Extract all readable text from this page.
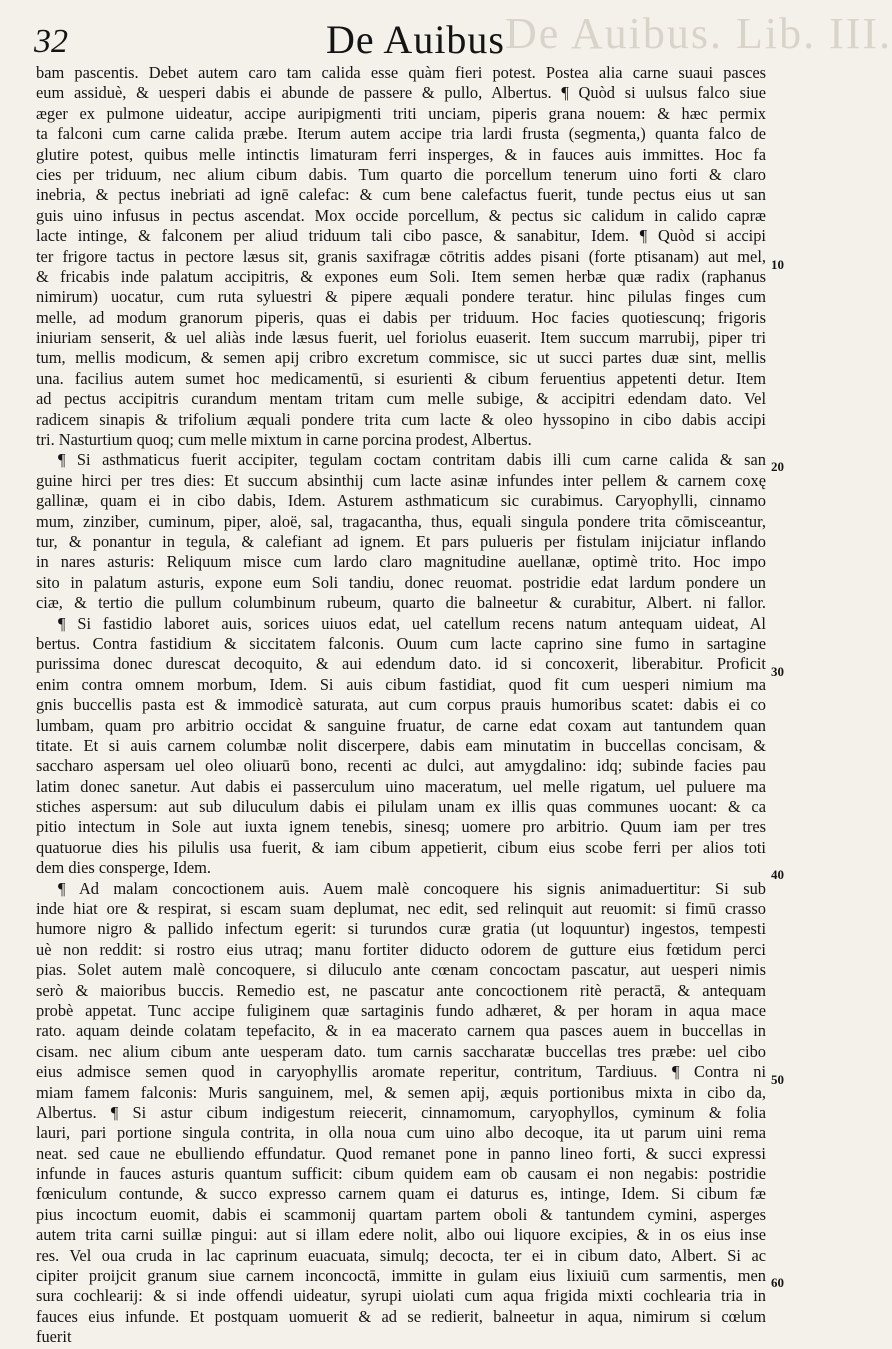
De Auibus. Lib. III.
32	De Auibus
bam pascentis. Debet autem caro tam calida esse quàm fieri potest. Postea alia carne suaui pasces
eum assiduè, & uesperi dabis ei abunde de passere & pullo, Albertus. ¶ Quòd si uulsus falco siue
æger ex pulmone uideatur, accipe auripigmenti triti unciam, piperis grana nouem: & hæc permix
ta falconi cum carne calida præbe. Iterum autem accipe tria lardi frusta (segmenta,) quanta falco de
glutire potest, quibus melle intinctis limaturam ferri insperges, & in fauces auis immittes. Hoc fa
cies per triduum, nec alium cibum dabis. Tum quarto die porcellum tenerum uino forti & claro
inebria, & pectus inebriati ad ignē calefac: & cum bene calefactus fuerit, tunde pectus eius ut san
guis uino infusus in pectus ascendat. Mox occide porcellum, & pectus sic calidum in calido capræ
lacte intinge, & falconem per aliud triduum tali cibo pasce, & sanabitur, Idem. ¶ Quòd si accipi
ter frigore tactus in pectore læsus sit, granis saxifragæ cōtritis addes pisani (forte ptisanam) aut mel,
& fricabis inde palatum accipitris, & expones eum Soli. Item semen herbæ quæ radix (raphanus
nimirum) uocatur, cum ruta syluestri & pipere æquali pondere teratur. hinc pilulas finges cum
melle, ad modum granorum piperis, quas ei dabis per triduum. Hoc facies quotiescunq; frigoris
iniuriam senserit, & uel aliàs inde læsus fuerit, uel foriolus euaserit. Item succum marrubij, piper tri
tum, mellis modicum, & semen apij cribro excretum commisce, sic ut succi partes duæ sint, mellis
una. facilius autem sumet hoc medicamentū, si esurienti & cibum feruentius appetenti detur. Item
ad pectus accipitris curandum mentam tritam cum melle subige, & accipitri edendam dato. Vel
radicem sinapis & trifolium æquali pondere trita cum lacte & oleo hyssopino in cibo dabis accipi
tri. Nasturtium quoq; cum melle mixtum in carne porcina prodest, Albertus.
¶ Si asthmaticus fuerit accipiter, tegulam coctam contritam dabis illi cum carne calida & san
guine hirci per tres dies: Et succum absinthij cum lacte asinæ infundes inter pellem & carnem coxę
gallinæ, quam ei in cibo dabis, Idem. Asturem asthmaticum sic curabimus. Caryophylli, cinnamo
mum, zinziber, cuminum, piper, aloë, sal, tragacantha, thus, equali singula pondere trita cōmisceantur,
tur, & ponantur in tegula, & calefiant ad ignem. Et pars pulueris per fistulam inijciatur inflando
in nares asturis: Reliquum misce cum lardo claro magnitudine auellanæ, optimè trito. Hoc impo
sito in palatum asturis, expone eum Soli tandiu, donec reuomat. postridie edat lardum pondere un
ciæ, & tertio die pullum columbinum rubeum, quarto die balneetur & curabitur, Albert. ni fallor.
¶ Si fastidio laboret auis, sorices uiuos edat, uel catellum recens natum antequam uideat, Al
bertus. Contra fastidium & siccitatem falconis. Ouum cum lacte caprino sine fumo in sartagine
purissima donec durescat decoquito, & aui edendum dato. id si concoxerit, liberabitur. Proficit
enim contra omnem morbum, Idem. Si auis cibum fastidiat, quod fit cum uesperi nimium ma
gnis buccellis pasta est & immodicè saturata, aut cum corpus prauis humoribus scatet: dabis ei co
lumbam, quam pro arbitrio occidat & sanguine fruatur, de carne edat coxam aut tantundem quan
titate. Et si auis carnem columbæ nolit discerpere, dabis eam minutatim in buccellas concisam, &
saccharo aspersam uel oleo oliuarū bono, recenti ac dulci, aut amygdalino: idq; subinde facies pau
latim donec sanetur. Aut dabis ei passerculum uino maceratum, uel melle rigatum, uel puluere ma
stiches aspersum: aut sub diluculum dabis ei pilulam unam ex illis quas communes uocant: & ca
pitio intectum in Sole aut iuxta ignem tenebis, sinesq; uomere pro arbitrio. Quum iam per tres
quatuorue dies his pilulis usa fuerit, & iam cibum appetierit, cibum eius scobe ferri per alios toti
dem dies consperge, Idem.
¶ Ad malam concoctionem auis. Auem malè concoquere his signis animaduertitur: Si sub
inde hiat ore & respirat, si escam suam deplumat, nec edit, sed relinquit aut reuomit: si fimū crasso
humore nigro & pallido infectum egerit: si turundos curæ gratia (ut loquuntur) ingestos, tempesti
uè non reddit: si rostro eius utraq; manu fortiter diducto odorem de gutture eius fœtidum perci
pias. Solet autem malè concoquere, si diluculo ante cœnam concoctam pascatur, aut uesperi nimis
serò & maioribus buccis. Remedio est, ne pascatur ante concoctionem ritè peractā, & antequam
probè appetat. Tunc accipe fuliginem quæ sartaginis fundo adhæret, & per horam in aqua mace
rato. aquam deinde colatam tepefacito, & in ea macerato carnem qua pasces auem in buccellas in
cisam. nec alium cibum ante uesperam dato. tum carnis saccharatæ buccellas tres præbe: uel cibo
eius admisce semen quod in caryophyllis aromate reperitur, contritum, Tardiuus. ¶ Contra ni
miam famem falconis: Muris sanguinem, mel, & semen apij, æquis portionibus mixta in cibo da,
Albertus. ¶ Si astur cibum indigestum reiecerit, cinnamomum, caryophyllos, cyminum & folia
lauri, pari portione singula contrita, in olla noua cum uino albo decoque, ita ut parum uini rema
neat. sed caue ne ebulliendo effundatur. Quod remanet pone in panno lineo forti, & succi expressi
infunde in fauces asturis quantum sufficit: cibum quidem eam ob causam ei non negabis: postridie
fœniculum contunde, & succo expresso carnem quam ei daturus es, intinge, Idem. Si cibum fæ
pius incoctum euomit, dabis ei scammonij quartam partem oboli & tantundem cymini, asperges
autem trita carni suillæ pingui: aut si illam edere nolit, albo oui liquore excipies, & in os eius inse
res. Vel oua cruda in lac caprinum euacuata, simulq; decocta, ter ei in cibum dato, Albert. Si ac
cipiter proijcit granum siue carnem inconcoctā, immitte in gulam eius lixiuiū cum sarmentis, men
sura cochlearij: & si inde offendi uideatur, syrupi uiolati cum aqua frigida mixti cochlearia tria in
fauces eius infunde. Et postquam uomuerit & ad se redierit, balneetur in aqua, nimirum si cœlum
fuerit
10
20
30
40
50
60
